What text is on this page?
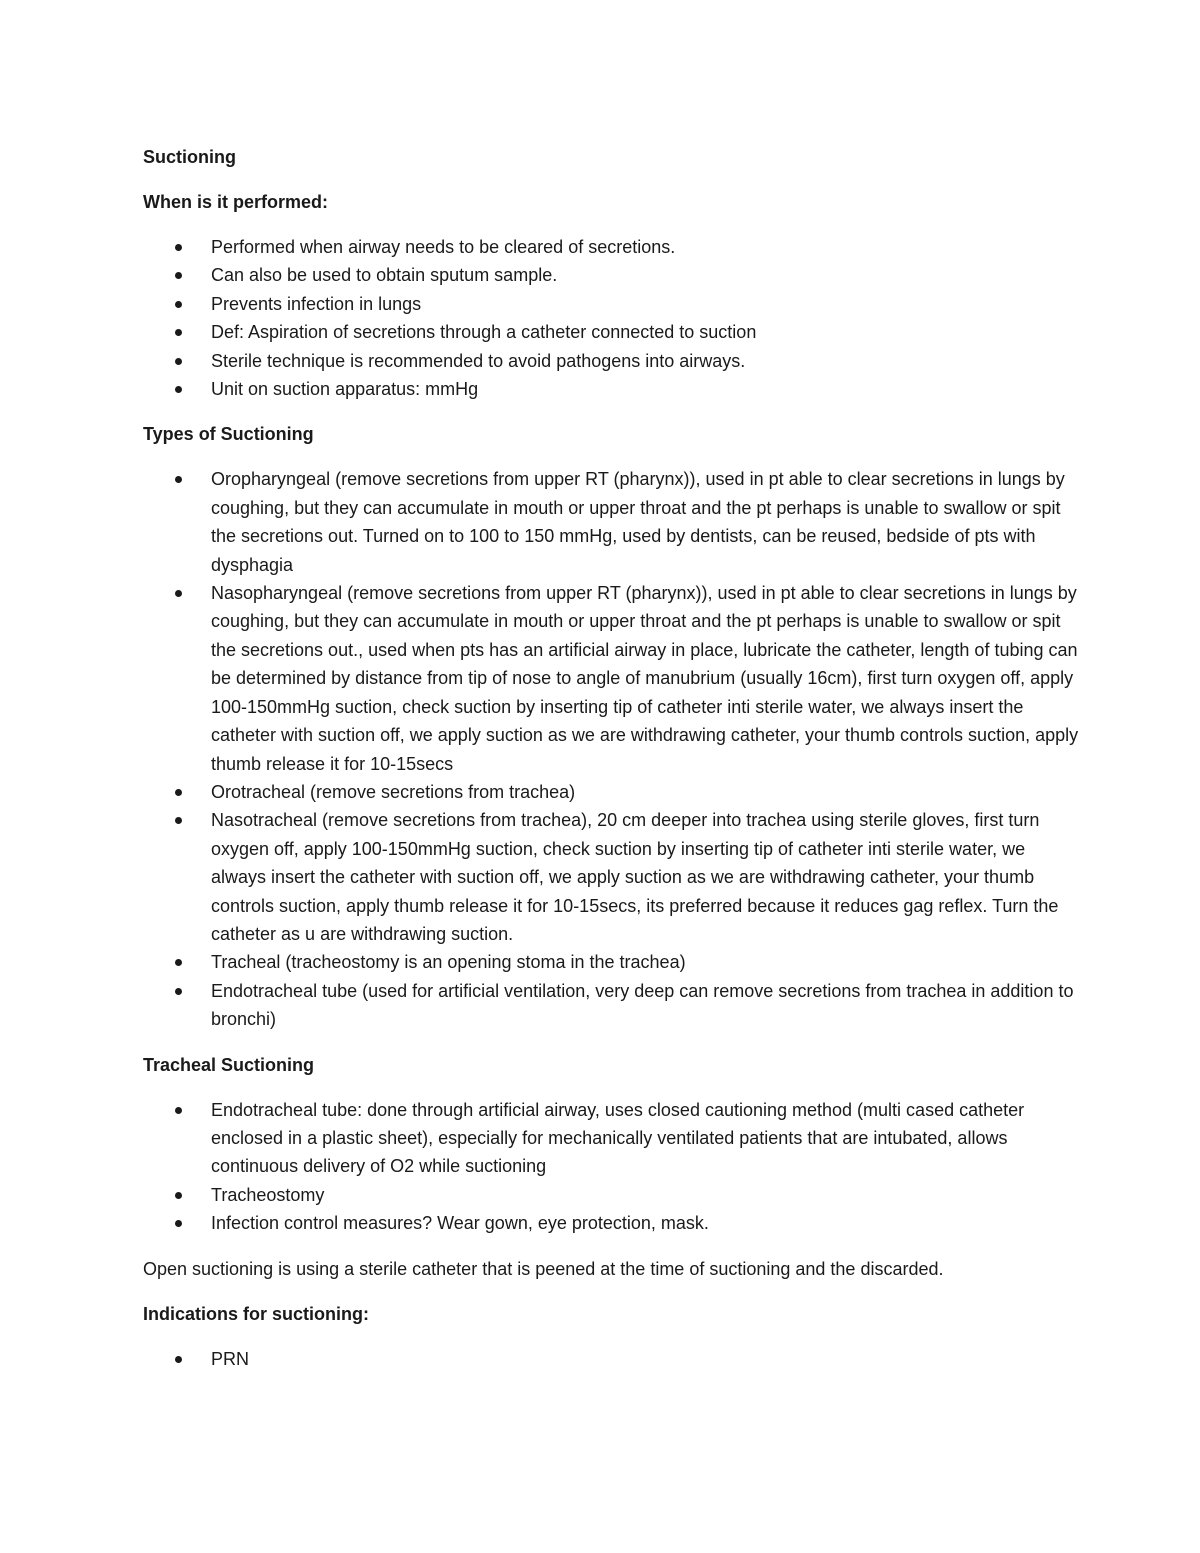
Suctioning

When is it performed:

Performed when airway needs to be cleared of secretions.
Can also be used to obtain sputum sample.
Prevents infection in lungs
Def: Aspiration of secretions through a catheter connected to suction
Sterile technique is recommended to avoid pathogens into airways.
Unit on suction apparatus: mmHg

Types of Suctioning

Oropharyngeal (remove secretions from upper RT (pharynx)), used in pt able to clear secretions in lungs by coughing, but they can accumulate in mouth or upper throat and the pt perhaps is unable to swallow or spit the secretions out. Turned on to 100 to 150 mmHg, used by dentists, can be reused, bedside of pts with dysphagia
Nasopharyngeal (remove secretions from upper RT (pharynx)), used in pt able to clear secretions in lungs by coughing, but they can accumulate in mouth or upper throat and the pt perhaps is unable to swallow or spit the secretions out., used when pts has an artificial airway in place, lubricate the catheter, length of tubing can be determined by distance from tip of nose to angle of manubrium (usually 16cm), first turn oxygen off, apply 100-150mmHg suction, check suction by inserting tip of catheter inti sterile water, we always insert the catheter with suction off, we apply suction as we are withdrawing catheter, your thumb controls suction, apply thumb release it for 10-15secs
Orotracheal (remove secretions from trachea)
Nasotracheal (remove secretions from trachea), 20 cm deeper into trachea using sterile gloves, first turn oxygen off, apply 100-150mmHg suction, check suction by inserting tip of catheter inti sterile water, we always insert the catheter with suction off, we apply suction as we are withdrawing catheter, your thumb controls suction, apply thumb release it for 10-15secs, its preferred because it reduces gag reflex. Turn the catheter as u are withdrawing suction.
Tracheal (tracheostomy is an opening stoma in the trachea)
Endotracheal tube (used for artificial ventilation, very deep can remove secretions from trachea in addition to bronchi)

Tracheal Suctioning

Endotracheal tube: done through artificial airway, uses closed cautioning method (multi cased catheter enclosed in a plastic sheet), especially for mechanically ventilated patients that are intubated, allows continuous delivery of O2 while suctioning
Tracheostomy
Infection control measures? Wear gown, eye protection, mask.

Open suctioning is using a sterile catheter that is peened at the time of suctioning and the discarded.

Indications for suctioning:

PRN
